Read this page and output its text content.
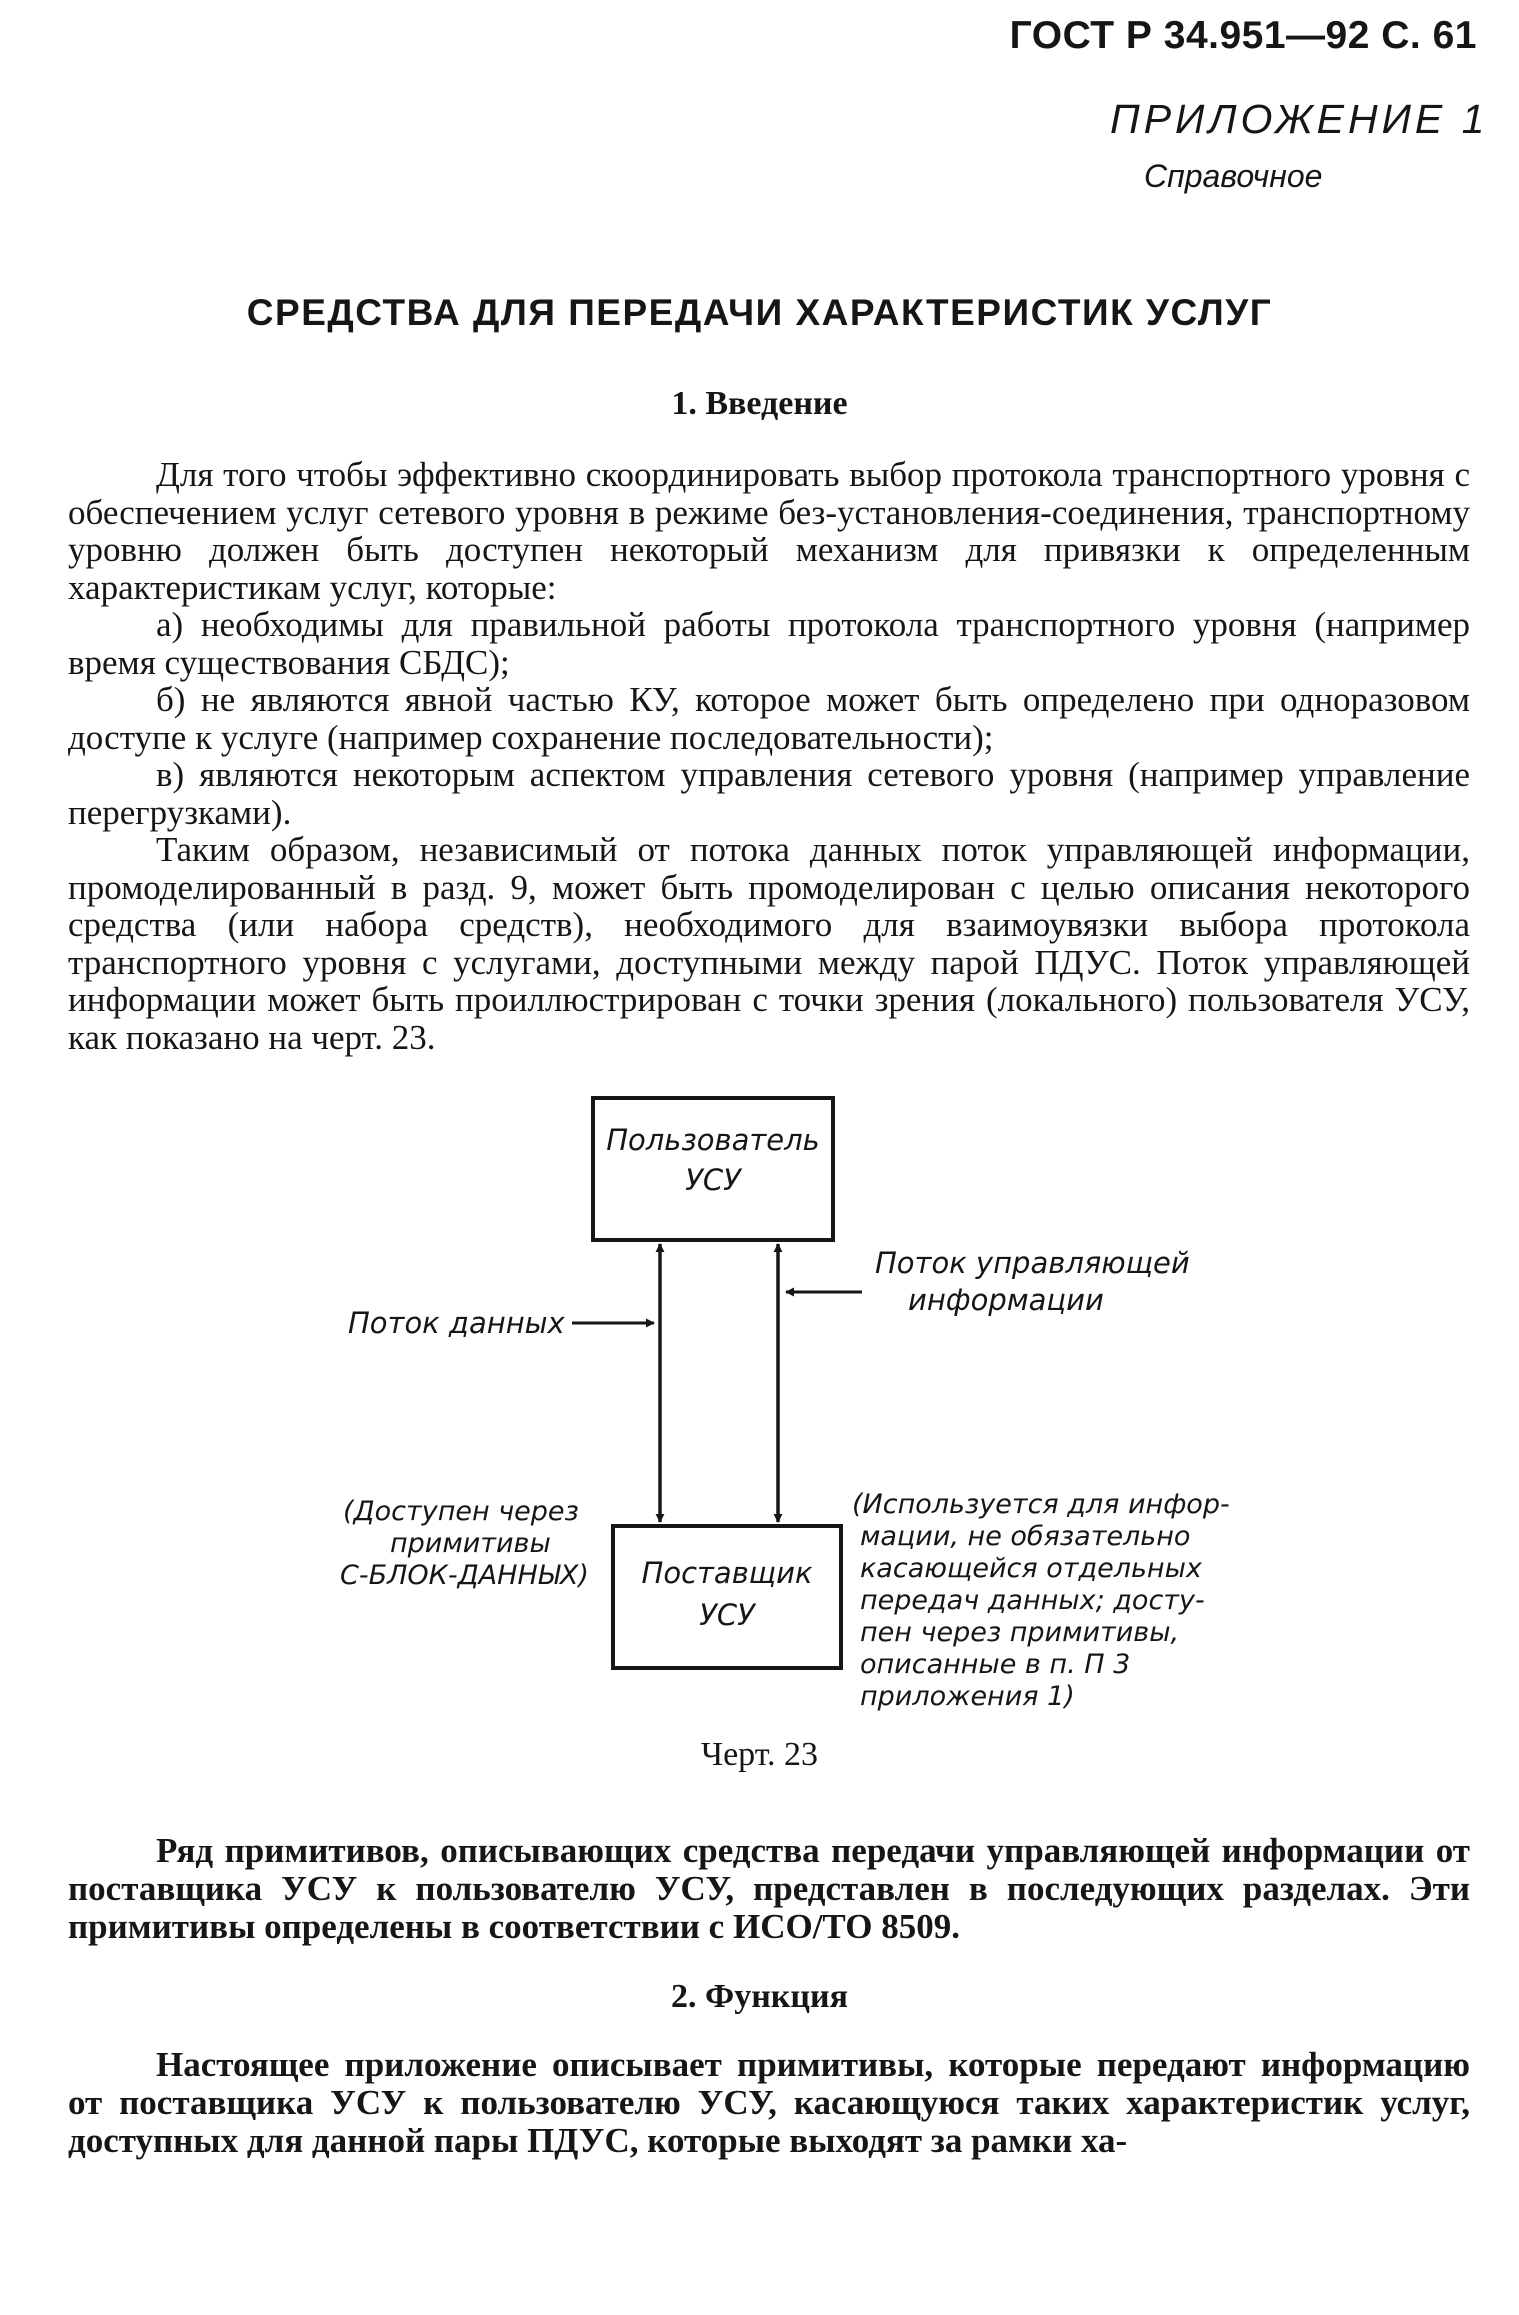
ГОСТ Р 34.951—92 С. 61
ПРИЛОЖЕНИЕ 1
Справочное
СРЕДСТВА ДЛЯ ПЕРЕДАЧИ ХАРАКТЕРИСТИК УСЛУГ
1. Введение

Для того чтобы эффективно скоординировать выбор протокола транспортного уровня с обеспечением услуг сетевого уровня в режиме без-установления-соединения, транспортному уровню должен быть доступен некоторый механизм для привязки к определенным характеристикам услуг, которые:

а) необходимы для правильной работы протокола транспортного уровня (например время существования СБДС);

б) не являются явной частью КУ, которое может быть определено при одноразовом доступе к услуге (например сохранение последовательности);

в) являются некоторым аспектом управления сетевого уровня (например управление перегрузками).

Таким образом, независимый от потока данных поток управляющей информации, промоделированный в разд. 9, может быть промоделирован с целью описания некоторого средства (или набора средств), необходимого для взаимоувязки выбора протокола транспортного уровня с услугами, доступными между парой ПДУС. Поток управляющей информации может быть проиллюстрирован с точки зрения (локального) пользователя УСУ, как показано на черт. 23.

Пользователь
УСУ
Поставщик
УСУ
Поток данных
Поток управляющей
информации
(Доступен через
примитивы
С-БЛОК-ДАННЫХ)
(Используется для инфор-
мации, не обязательно
касающейся отдельных
передач данных; досту-
пен через примитивы,
описанные в п. П 3
приложения 1)
Черт. 23

Ряд примитивов, описывающих средства передачи управляющей информации от поставщика УСУ к пользователю УСУ, представлен в последующих разделах. Эти примитивы определены в соответствии с ИСО/ТО 8509.

2. Функция

Настоящее приложение описывает примитивы, которые передают информацию от поставщика УСУ к пользователю УСУ, касающуюся таких характеристик услуг, доступных для данной пары ПДУС, которые выходят за рамки ха-
